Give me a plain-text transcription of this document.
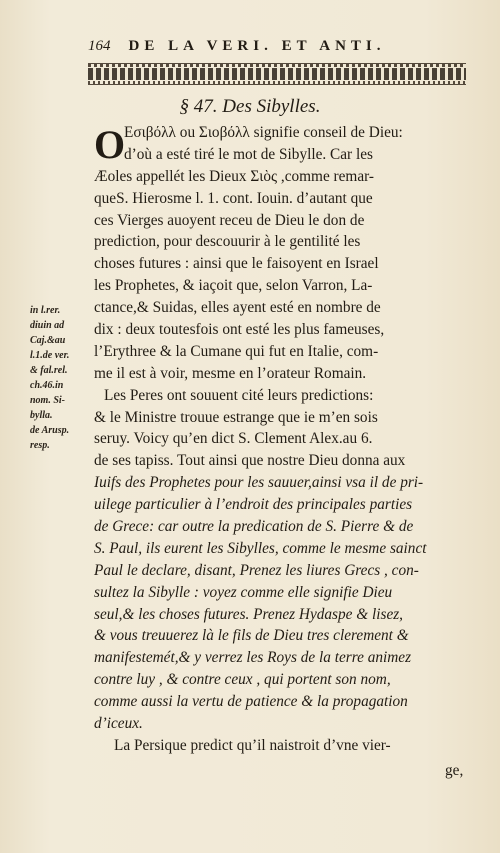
164 DE LA VERI. ET ANTI.
§ 47. Des Sibylles.
O
Eσιβόλλ ou Σιοβόλλ signifie conseil de Dieu:
d’où a esté tiré le mot de Sibylle. Car les
Æoles appellét les Dieux Σιὸς ,comme remar-
queS. Hierosme l. 1. cont. Iouin. d’autant que
ces Vierges auoyent receu de Dieu le don de
prediction, pour descouurir à le gentilité les
choses futures : ainsi que le faisoyent en Israel
les Prophetes, & iaçoit que, selon Varron, La-
ctance,& Suidas, elles ayent esté en nombre de
dix : deux toutesfois ont esté les plus fameuses,
l’Erythree & la Cumane qui fut en Italie, com-
me il est à voir, mesme en l’orateur Romain.
Les Peres ont souuent cité leurs predictions:
& le Ministre trouue estrange que ie m’en sois
seruy. Voicy qu’en dict S. Clement Alex.au 6.
de ses tapiss. Tout ainsi que nostre Dieu donna aux
Iuifs des Prophetes pour les sauuer,ainsi vsa il de pri-
uilege particulier à l’endroit des principales parties
de Grece: car outre la predication de S. Pierre & de
S. Paul, ils eurent les Sibylles, comme le mesme sainct
Paul le declare, disant, Prenez les liures Grecs , con-
sultez la Sibylle : voyez comme elle signifie Dieu
seul,& les choses futures. Prenez Hydaspe & lisez,
& vous treuuerez là le fils de Dieu tres clerement &
manifestemét,& y verrez les Roys de la terre animez
contre luy , & contre ceux , qui portent son nom,
comme aussi la vertu de patience & la propagation
d’iceux.
La Persique predict qu’il naistroit d’vne vier-
in l.rer.
diuin ad
Caj.&au
l.1.de ver.
& fal.rel.
ch.46.in
nom. Si-
bylla.
de Arusp.
resp.
ge,
